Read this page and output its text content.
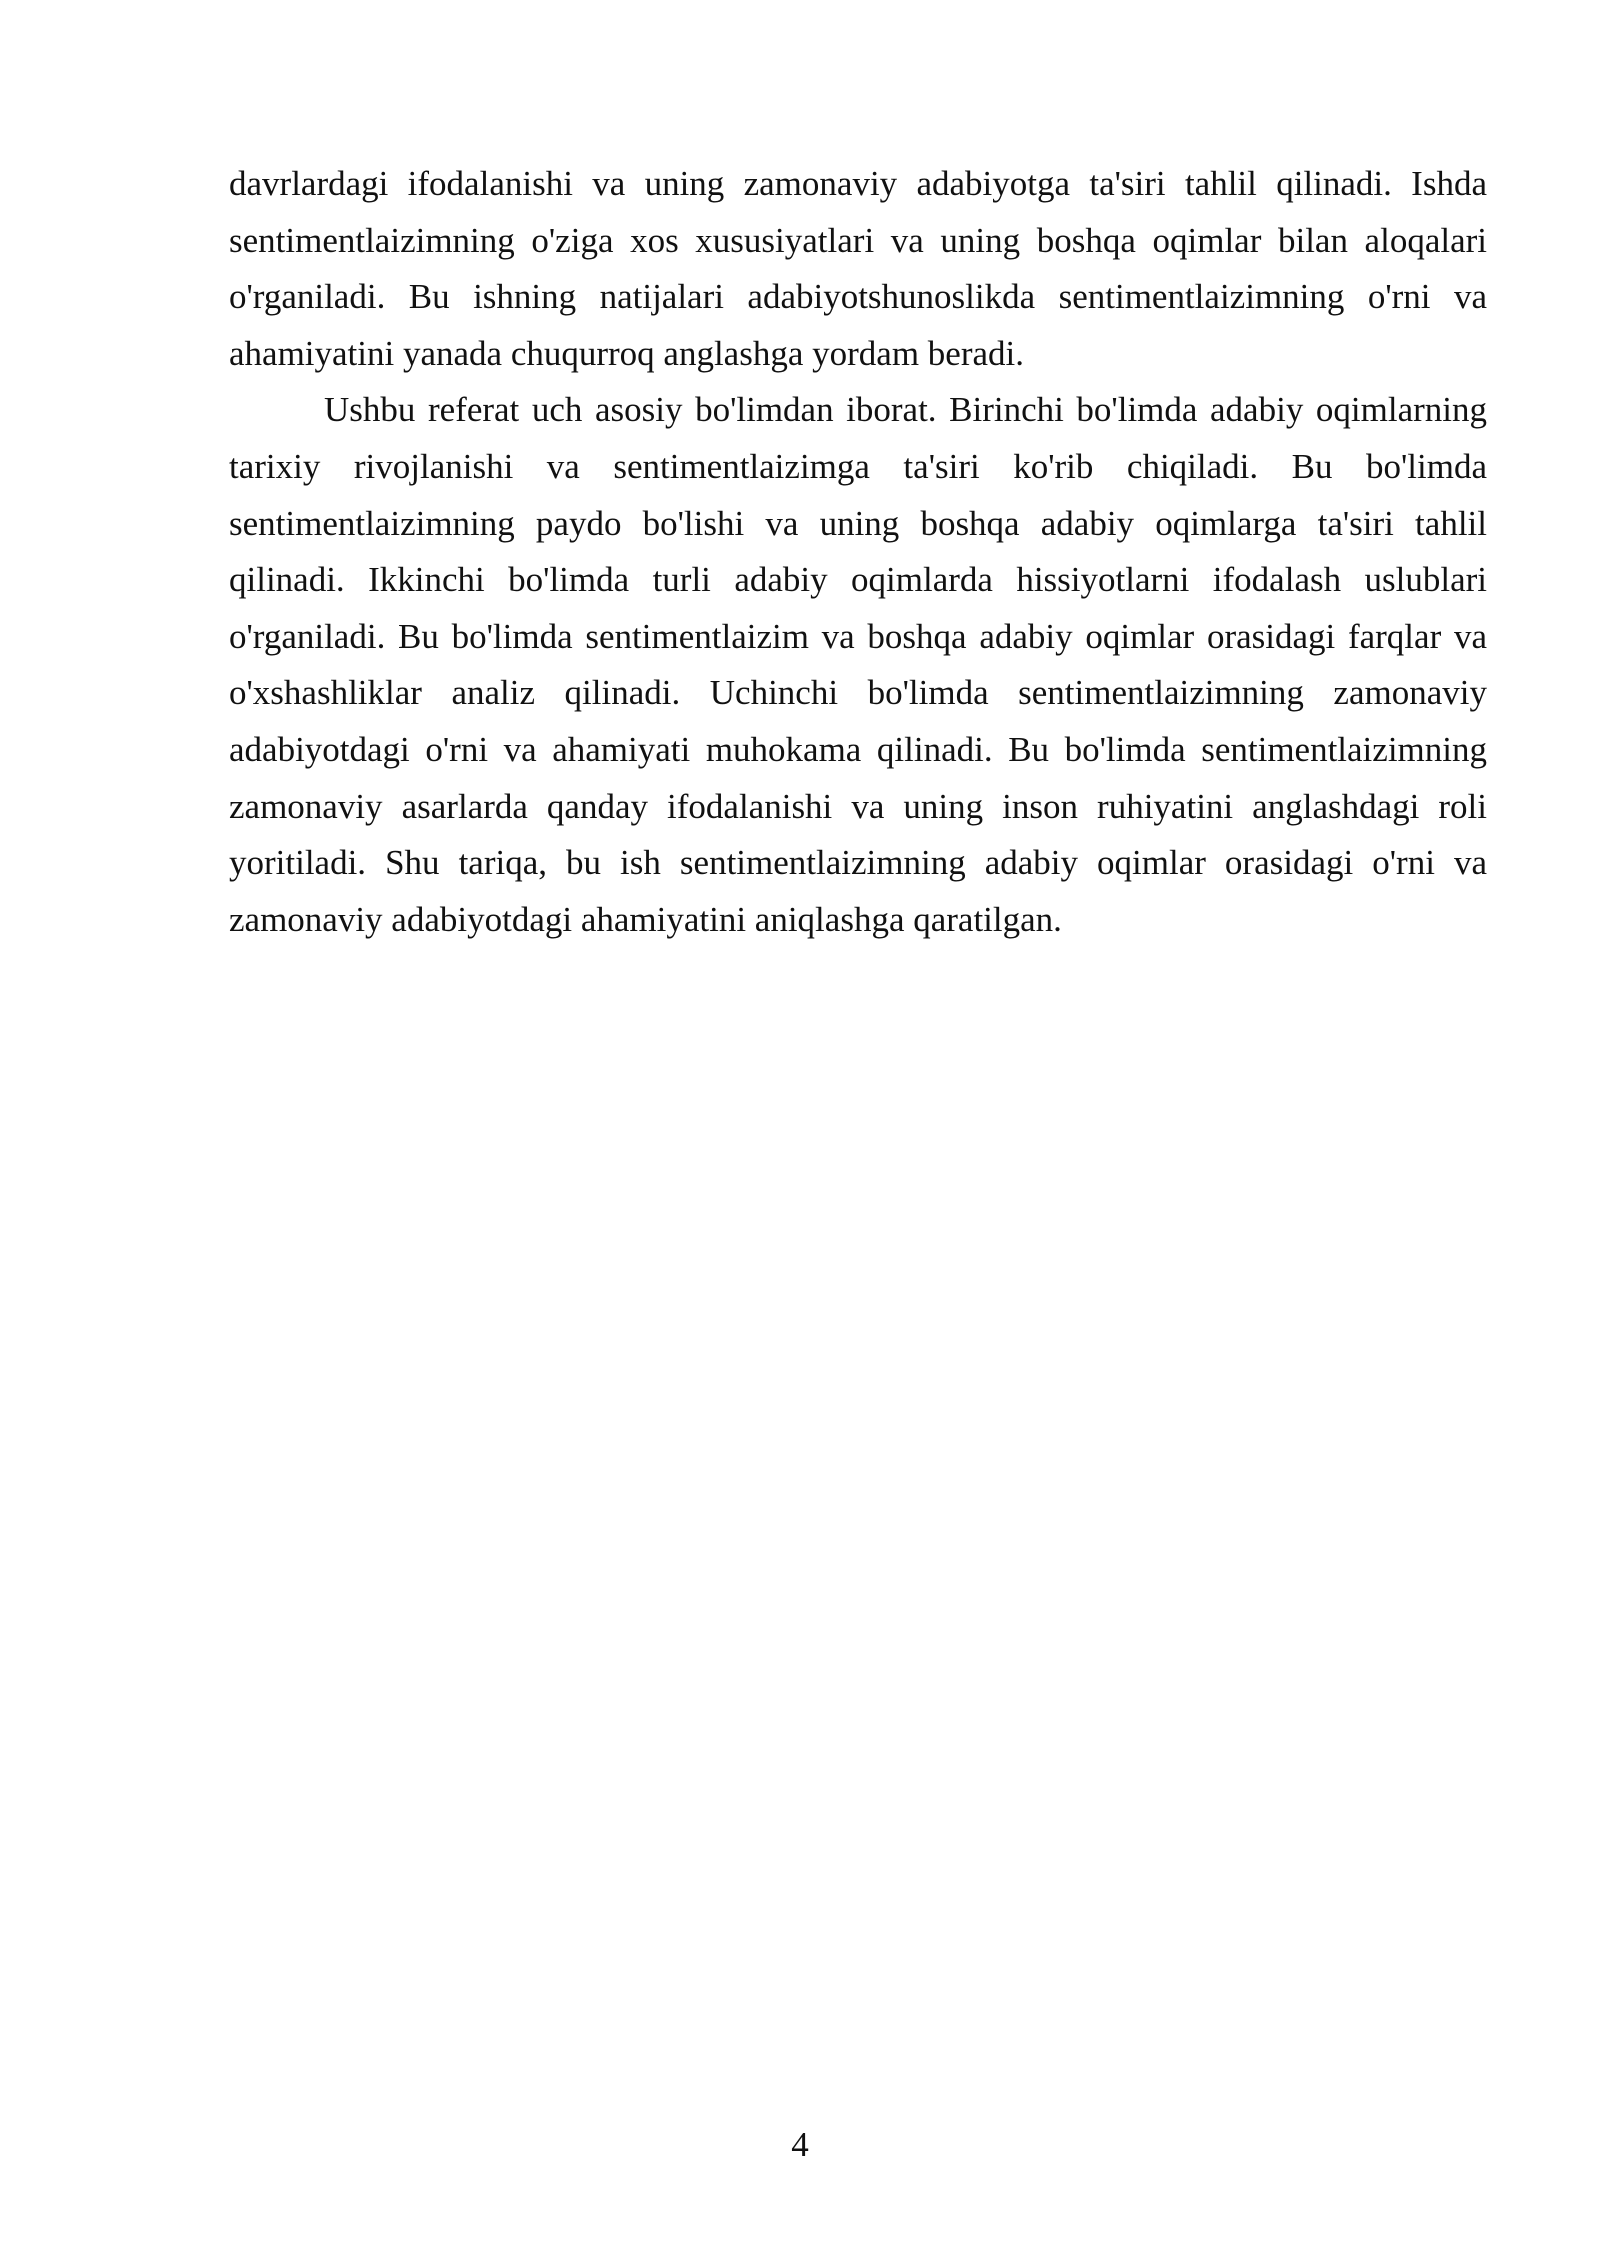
davrlardagi ifodalanishi va uning zamonaviy adabiyotga ta'siri tahlil qilinadi. Ishda sentimentlaizimning o'ziga xos xususiyatlari va uning boshqa oqimlar bilan aloqalari o'rganiladi. Bu ishning natijalari adabiyotshunoslikda sentimentlaizimning o'rni va ahamiyatini yanada chuqurroq anglashga yordam beradi.

Ushbu referat uch asosiy bo'limdan iborat. Birinchi bo'limda adabiy oqimlarning tarixiy rivojlanishi va sentimentlaizimga ta'siri ko'rib chiqiladi. Bu bo'limda sentimentlaizimning paydo bo'lishi va uning boshqa adabiy oqimlarga ta'siri tahlil qilinadi. Ikkinchi bo'limda turli adabiy oqimlarda hissiyotlarni ifodalash uslublari o'rganiladi. Bu bo'limda sentimentlaizim va boshqa adabiy oqimlar orasidagi farqlar va o'xshashliklar analiz qilinadi. Uchinchi bo'limda sentimentlaizimning zamonaviy adabiyotdagi o'rni va ahamiyati muhokama qilinadi. Bu bo'limda sentimentlaizimning zamonaviy asarlarda qanday ifodalanishi va uning inson ruhiyatini anglashdagi roli yoritiladi. Shu tariqa, bu ish sentimentlaizimning adabiy oqimlar orasidagi o'rni va zamonaviy adabiyotdagi ahamiyatini aniqlashga qaratilgan.

4
